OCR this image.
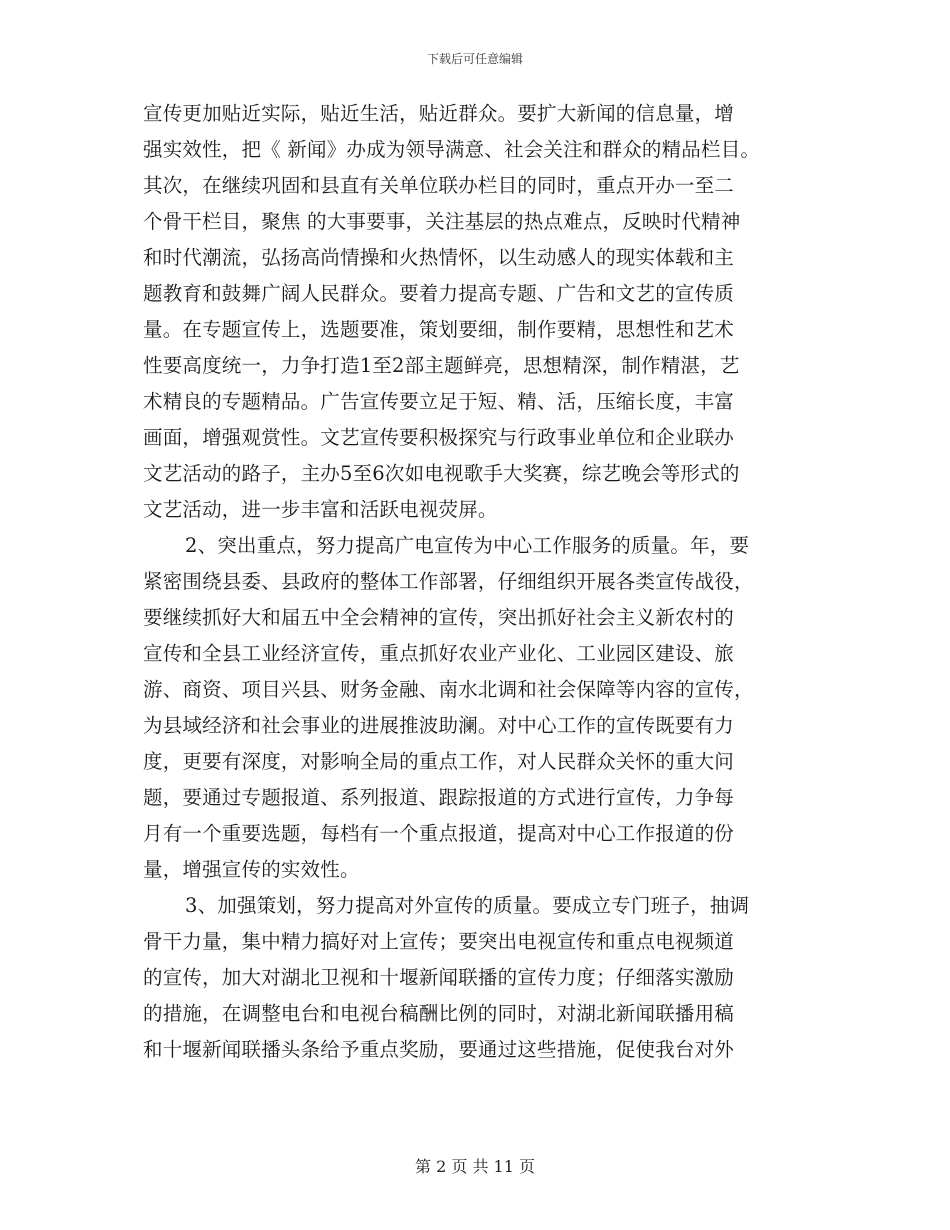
下载后可任意编辑
宣传更加贴近实际，贴近生活，贴近群众。要扩大新闻的信息量，增
强实效性，把《 新闻》办成为领导满意、社会关注和群众的精品栏目。
其次，在继续巩固和县直有关单位联办栏目的同时，重点开办一至二
个骨干栏目，聚焦 的大事要事，关注基层的热点难点，反映时代精神
和时代潮流，弘扬高尚情操和火热情怀，以生动感人的现实体载和主
题教育和鼓舞广阔人民群众。要着力提高专题、广告和文艺的宣传质
量。在专题宣传上，选题要准，策划要细，制作要精，思想性和艺术
性要高度统一，力争打造1至2部主题鲜亮，思想精深，制作精湛，艺
术精良的专题精品。广告宣传要立足于短、精、活，压缩长度，丰富
画面，增强观赏性。文艺宣传要积极探究与行政事业单位和企业联办
文艺活动的路子，主办5至6次如电视歌手大奖赛，综艺晚会等形式的
文艺活动，进一步丰富和活跃电视荧屏。
2、突出重点，努力提高广电宣传为中心工作服务的质量。年，要
紧密围绕县委、县政府的整体工作部署，仔细组织开展各类宣传战役，
要继续抓好大和届五中全会精神的宣传，突出抓好社会主义新农村的
宣传和全县工业经济宣传，重点抓好农业产业化、工业园区建设、旅
游、商资、项目兴县、财务金融、南水北调和社会保障等内容的宣传，
为县域经济和社会事业的进展推波助澜。对中心工作的宣传既要有力
度，更要有深度，对影响全局的重点工作，对人民群众关怀的重大问
题，要通过专题报道、系列报道、跟踪报道的方式进行宣传，力争每
月有一个重要选题，每档有一个重点报道，提高对中心工作报道的份
量，增强宣传的实效性。
3、加强策划，努力提高对外宣传的质量。要成立专门班子，抽调
骨干力量，集中精力搞好对上宣传；要突出电视宣传和重点电视频道
的宣传，加大对湖北卫视和十堰新闻联播的宣传力度；仔细落实激励
的措施，在调整电台和电视台稿酬比例的同时，对湖北新闻联播用稿
和十堰新闻联播头条给予重点奖励，要通过这些措施，促使我台对外
第 2 页 共 11 页
